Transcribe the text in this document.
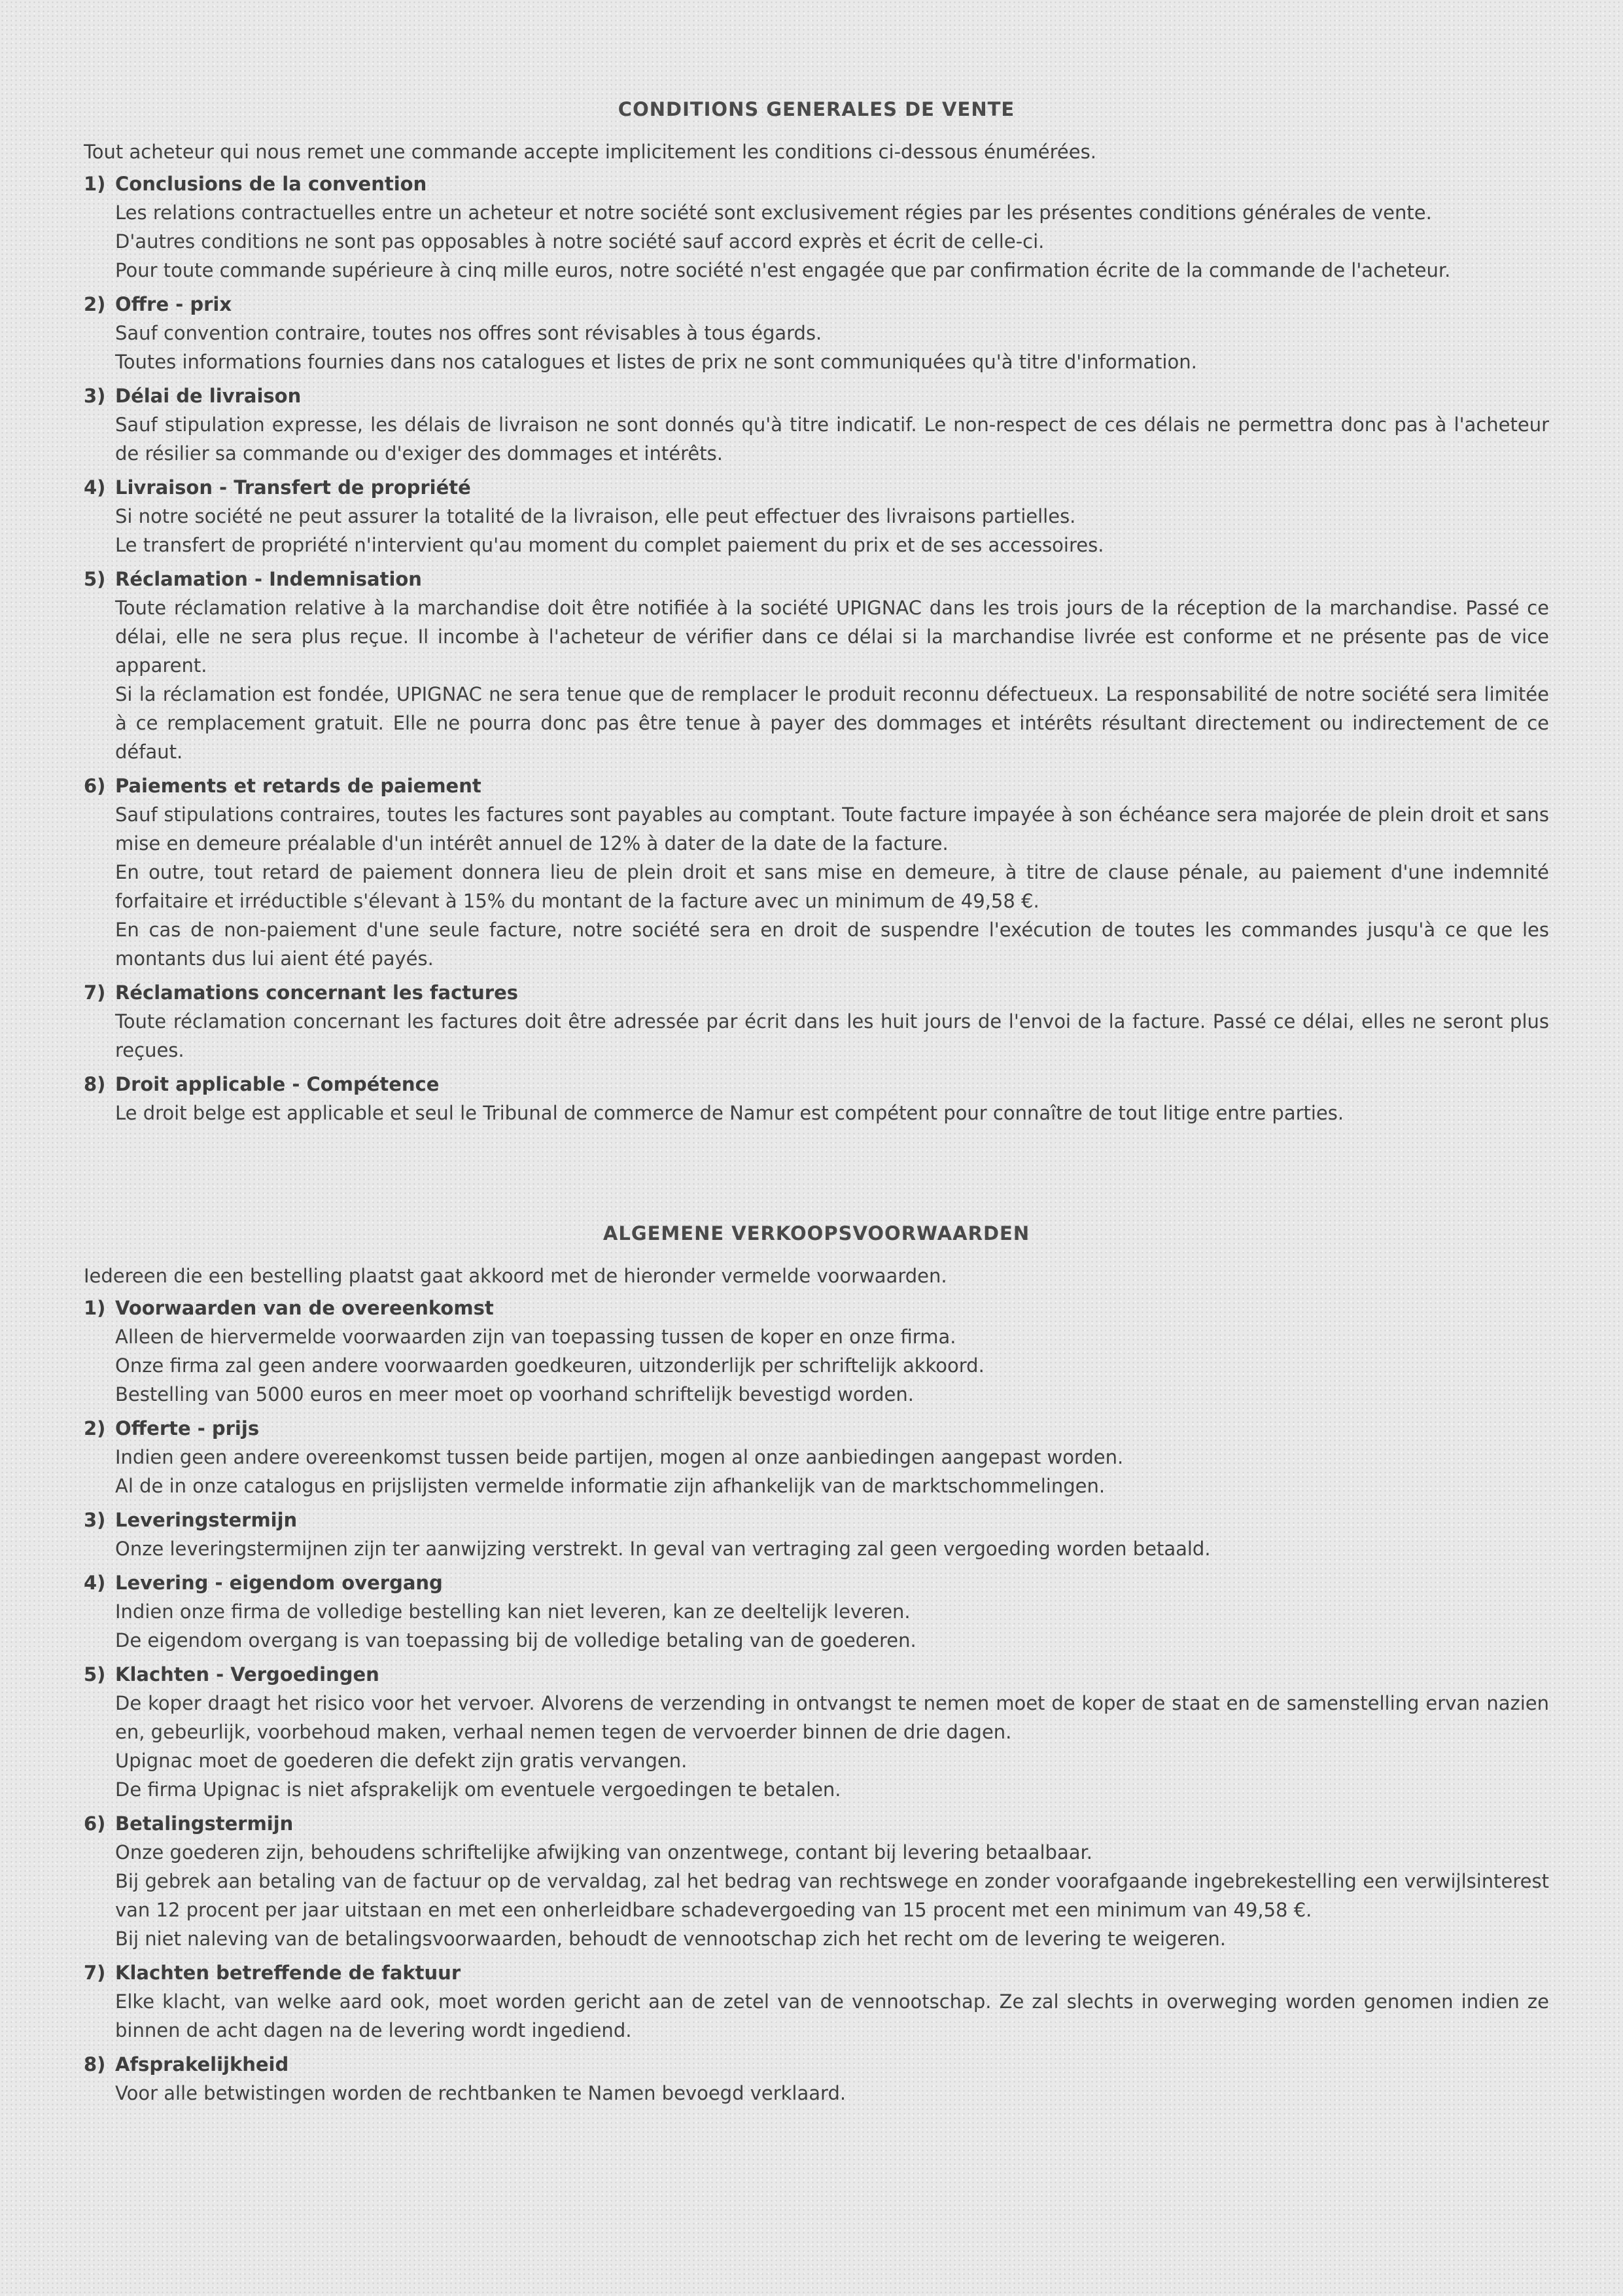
CONDITIONS GENERALES DE VENTE

Tout acheteur qui nous remet une commande accepte implicitement les conditions ci-dessous énumérées.

1) Conclusions de la convention

Les relations contractuelles entre un acheteur et notre société sont exclusivement régies par les présentes conditions générales de vente.

D'autres conditions ne sont pas opposables à notre société sauf accord exprès et écrit de celle-ci.

Pour toute commande supérieure à cinq mille euros, notre société n'est engagée que par confirmation écrite de la commande de l'acheteur.

2) Offre - prix

Sauf convention contraire, toutes nos offres sont révisables à tous égards.

Toutes informations fournies dans nos catalogues et listes de prix ne sont communiquées qu'à titre d'information.

3) Délai de livraison

Sauf stipulation expresse, les délais de livraison ne sont donnés qu'à titre indicatif. Le non-respect de ces délais ne permettra donc pas à l'acheteur de résilier sa commande ou d'exiger des dommages et intérêts.

4) Livraison - Transfert de propriété

Si notre société ne peut assurer la totalité de la livraison, elle peut effectuer des livraisons partielles.

Le transfert de propriété n'intervient qu'au moment du complet paiement du prix et de ses accessoires.

5) Réclamation - Indemnisation

Toute réclamation relative à la marchandise doit être notifiée à la société UPIGNAC dans les trois jours de la réception de la marchandise. Passé ce délai, elle ne sera plus reçue. Il incombe à l'acheteur de vérifier dans ce délai si la marchandise livrée est conforme et ne présente pas de vice apparent.

Si la réclamation est fondée, UPIGNAC ne sera tenue que de remplacer le produit reconnu défectueux. La responsabilité de notre société sera limitée à ce remplacement gratuit. Elle ne pourra donc pas être tenue à payer des dommages et intérêts résultant directement ou indirectement de ce défaut.

6) Paiements et retards de paiement

Sauf stipulations contraires, toutes les factures sont payables au comptant. Toute facture impayée à son échéance sera majorée de plein droit et sans mise en demeure préalable d'un intérêt annuel de 12% à dater de la date de la facture.

En outre, tout retard de paiement donnera lieu de plein droit et sans mise en demeure, à titre de clause pénale, au paiement d'une indemnité forfaitaire et irréductible s'élevant à 15% du montant de la facture avec un minimum de 49,58 €.

En cas de non-paiement d'une seule facture, notre société sera en droit de suspendre l'exécution de toutes les commandes jusqu'à ce que les montants dus lui aient été payés.

7) Réclamations concernant les factures

Toute réclamation concernant les factures doit être adressée par écrit dans les huit jours de l'envoi de la facture. Passé ce délai, elles ne seront plus reçues.

8) Droit applicable - Compétence

Le droit belge est applicable et seul le Tribunal de commerce de Namur est compétent pour connaître de tout litige entre parties.

ALGEMENE VERKOOPSVOORWAARDEN

Iedereen die een bestelling plaatst gaat akkoord met de hieronder vermelde voorwaarden.

1) Voorwaarden van de overeenkomst

Alleen de hiervermelde voorwaarden zijn van toepassing tussen de koper en onze firma.

Onze firma zal geen andere voorwaarden goedkeuren, uitzonderlijk per schriftelijk akkoord.

Bestelling van 5000 euros en meer moet op voorhand schriftelijk bevestigd worden.

2) Offerte - prijs

Indien geen andere overeenkomst tussen beide partijen, mogen al onze aanbiedingen aangepast worden.

Al de in onze catalogus en prijslijsten vermelde informatie zijn afhankelijk van de marktschommelingen.

3) Leveringstermijn

Onze leveringstermijnen zijn ter aanwijzing verstrekt. In geval van vertraging zal geen vergoeding worden betaald.

4) Levering - eigendom overgang

Indien onze firma de volledige bestelling kan niet leveren, kan ze deeltelijk leveren.

De eigendom overgang is van toepassing bij de volledige betaling van de goederen.

5) Klachten - Vergoedingen

De koper draagt het risico voor het vervoer. Alvorens de verzending in ontvangst te nemen moet de koper de staat en de samenstelling ervan nazien en, gebeurlijk, voorbehoud maken, verhaal nemen tegen de vervoerder binnen de drie dagen.

Upignac moet de goederen die defekt zijn gratis vervangen.

De firma Upignac is niet afsprakelijk om eventuele vergoedingen te betalen.

6) Betalingstermijn

Onze goederen zijn, behoudens schriftelijke afwijking van onzentwege, contant bij levering betaalbaar.

Bij gebrek aan betaling van de factuur op de vervaldag, zal het bedrag van rechtswege en zonder voorafgaande ingebrekestelling een verwijlsinterest van 12 procent per jaar uitstaan en met een onherleidbare schadevergoeding van 15 procent met een minimum van 49,58 €.

Bij niet naleving van de betalingsvoorwaarden, behoudt de vennootschap zich het recht om de levering te weigeren.

7) Klachten betreffende de faktuur

Elke klacht, van welke aard ook, moet worden gericht aan de zetel van de vennootschap. Ze zal slechts in overweging worden genomen indien ze binnen de acht dagen na de levering wordt ingediend.

8) Afsprakelijkheid

Voor alle betwistingen worden de rechtbanken te Namen bevoegd verklaard.
